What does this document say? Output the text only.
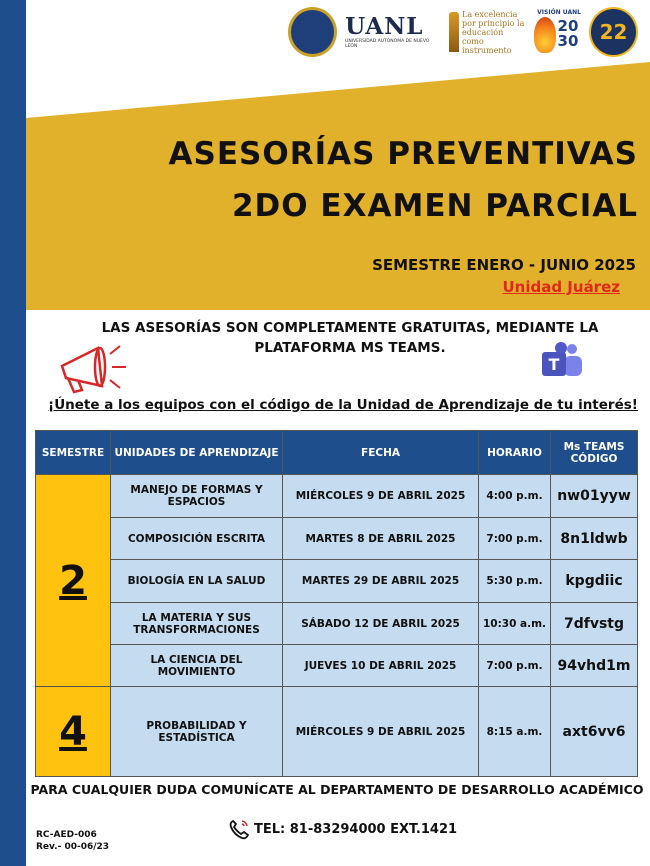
UANL
UNIVERSIDAD AUTÓNOMA DE NUEVO LEÓN
La excelencia por principio la educación como instrumento
VISIÓN UANL
20 30 22
ASESORÍAS PREVENTIVAS
2DO EXAMEN PARCIAL
SEMESTRE ENERO - JUNIO 2025
Unidad Juárez
LAS ASESORÍAS SON COMPLETAMENTE GRATUITAS, MEDIANTE LA PLATAFORMA MS TEAMS.
T
¡Únete a los equipos con el código de la Unidad de Aprendizaje de tu interés!
SEMESTRE	UNIDADES DE APRENDIZAJE	FECHA	HORARIO	Ms TEAMS CÓDIGO
2	MANEJO DE FORMAS Y ESPACIOS	MIÉRCOLES 9 DE ABRIL 2025	4:00 p.m.	nw01yyw
	COMPOSICIÓN ESCRITA	MARTES 8 DE ABRIL 2025	7:00 p.m.	8n1ldwb
	BIOLOGÍA EN LA SALUD	MARTES 29 DE ABRIL 2025	5:30 p.m.	kpgdiic
	LA MATERIA Y SUS TRANSFORMACIONES	SÁBADO 12 DE ABRIL 2025	10:30 a.m.	7dfvstg
	LA CIENCIA DEL MOVIMIENTO	JUEVES 10 DE ABRIL 2025	7:00 p.m.	94vhd1m
4	PROBABILIDAD Y ESTADÍSTICA	MIÉRCOLES 9 DE ABRIL 2025	8:15 a.m.	axt6vv6
PARA CUALQUIER DUDA COMUNÍCATE AL DEPARTAMENTO DE DESARROLLO ACADÉMICO
TEL: 81-83294000 EXT.1421
RC-AED-006
Rev.- 00-06/23
